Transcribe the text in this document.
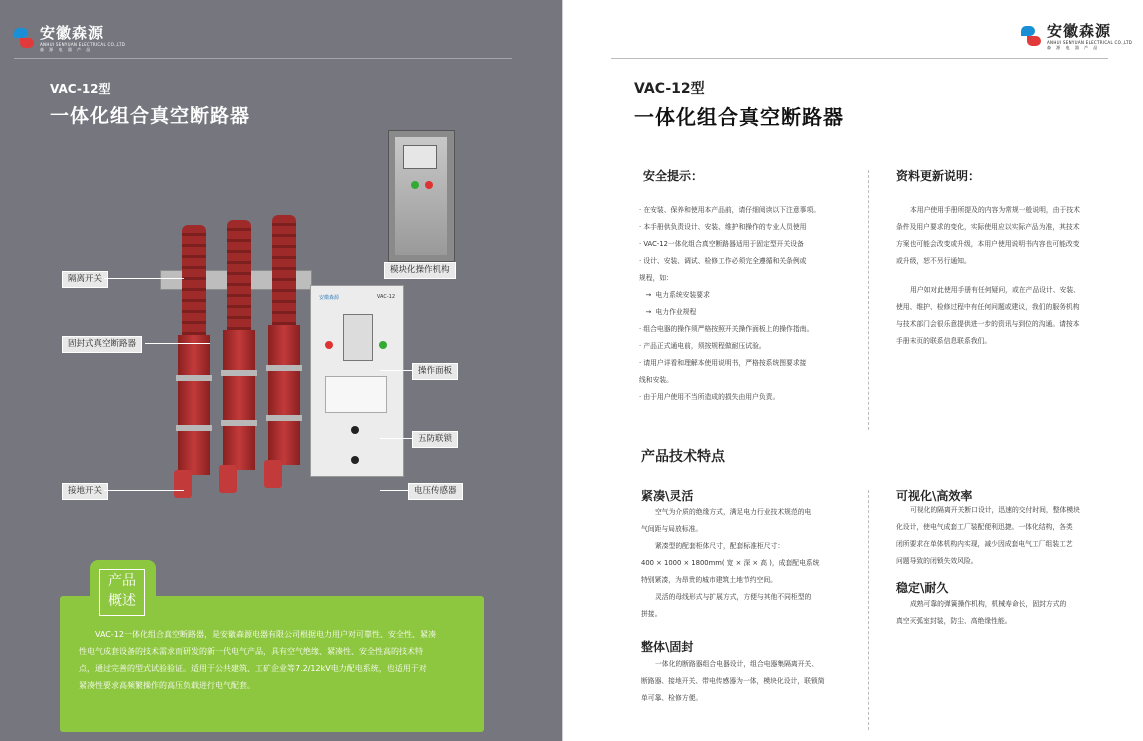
安徽森源
ANHUI SENYUAN ELECTRICAL CO.,LTD
森 源 电 器 产 品
VAC-12型
一体化组合真空断路器
安徽森源	VAC-12
隔离开关
固封式真空断路器
接地开关
模块化操作机构
操作面板
五防联锁
电压传感器
产品
概述
VAC-12一体化组合真空断路器，是安徽森源电器有限公司根据电力用户对可靠性、安全性、紧凑
性电气成套设备的技术需求而研发的新一代电气产品，具有空气绝缘、紧凑性、安全性高的技术特
点，通过完善的型式试验验证。适用于公共建筑、工矿企业等7.2/12kV电力配电系统，也适用于对
紧凑性要求高频繁操作的高压负载进行电气配套。
安徽森源
ANHUI SENYUAN ELECTRICAL CO.,LTD
森 源 电 器 产 品
VAC-12型
一体化组合真空断路器
安全提示：
· 在安装、保养和使用本产品前，请仔细阅读以下注意事项。
· 本手册供负责设计、安装、维护和操作的专业人员使用
· VAC-12一体化组合真空断路器适用于固定型开关设备
· 设计、安装、调试、检修工作必须完全遵循和关条例或
规程，如：
→  电力系统安装要求
→  电力作业规程
· 组合电器的操作须严格按照开关操作面板上的操作指南。
· 产品正式通电前，须按规程做耐压试验。
· 请用户详看和理解本使用说明书，严格按系统图要求接
线和安装。
· 由于用户使用不当所造成的损失由用户负责。
资料更新说明：
本用户使用手册所提及的内容为常规一般说明，由于技术
条件及用户要求的变化，实际使用应以实际产品为准，其技术
方案也可能会改变或升级，本用户使用说明书内容也可能改变
或升级，恕不另行通知。
用户如对此使用手册有任何疑问，或在产品设计、安装、
使用、维护、检修过程中有任何问题或建议，我们的服务机构
与技术部门会很乐意提供进一步的资讯与到位的沟通。请按本
手册末页的联系信息联系我们。
产品技术特点
紧凑\灵活
空气为介质的绝缘方式，满足电力行业技术规范的电
气间距与局放标准。
紧凑型的配套柜体尺寸，配套标准柜尺寸：
400 × 1000 × 1800mm( 宽 × 深 × 高 )，成套配电系统
特别紧凑，为昂贵的城市建筑土地节约空间。
灵活的母线形式与扩展方式，方便与其他不同柜型的
拼接。
整体\固封
一体化的断路器组合电器设计，组合电器集隔离开关、
断路器、接地开关、带电传感器为一体，模块化设计，联锁简
单可靠、检修方便。
可视化\高效率
可视化的隔离开关断口设计，迅速的交付时间，整体模块
化设计，使电气成套工厂装配便利迅捷。一体化结构，各类
闭所要求在单体机构内实现，减少因成套电气工厂组装工艺
问题导致的闭锁失效风险。
稳定\耐久
成熟可靠的弹簧操作机构，机械寿命长，固封方式的
真空灭弧室封装，防尘、高绝缘性能。
